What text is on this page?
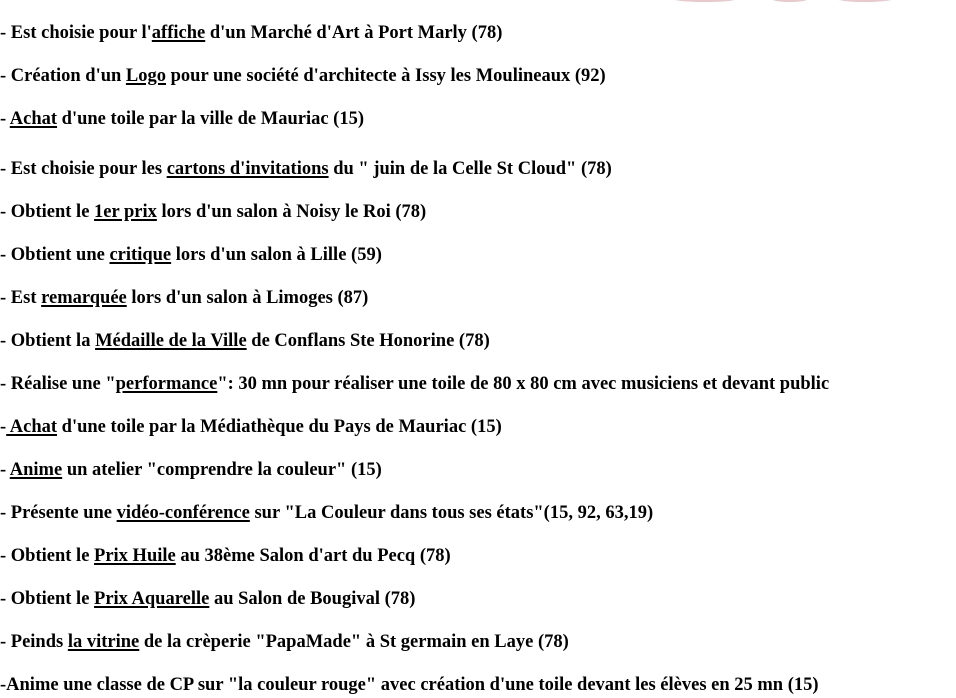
- Est choisie pour l'affiche d'un Marché d'Art à Port Marly (78)
- Création d'un Logo pour une société d'architecte à Issy les Moulineaux (92)
- Achat d'une toile par la ville de Mauriac (15)
- Est choisie pour les cartons d'invitations du " juin de la Celle St Cloud" (78)
- Obtient le 1er prix lors d'un salon à Noisy le Roi (78)
- Obtient une critique lors d'un salon à Lille (59)
- Est remarquée lors d'un salon à Limoges (87)
- Obtient la Médaille de la Ville de Conflans Ste Honorine (78)
- Réalise une "performance": 30 mn pour réaliser une toile de 80 x 80 cm avec musiciens et devant public
- Achat d'une toile par la Médiathèque du Pays de Mauriac (15)
- Anime un atelier "comprendre la couleur" (15)
- Présente une vidéo-conférence sur "La Couleur dans tous ses états"(15, 92, 63,19)
- Obtient le Prix Huile au 38ème Salon d'art du Pecq (78)
- Obtient le Prix Aquarelle au Salon de Bougival (78)
- Peinds la vitrine de la crèperie "PapaMade" à St germain en Laye (78)
-Anime une classe de CP sur "la couleur rouge" avec création d'une toile devant les élèves en 25 mn (15)
